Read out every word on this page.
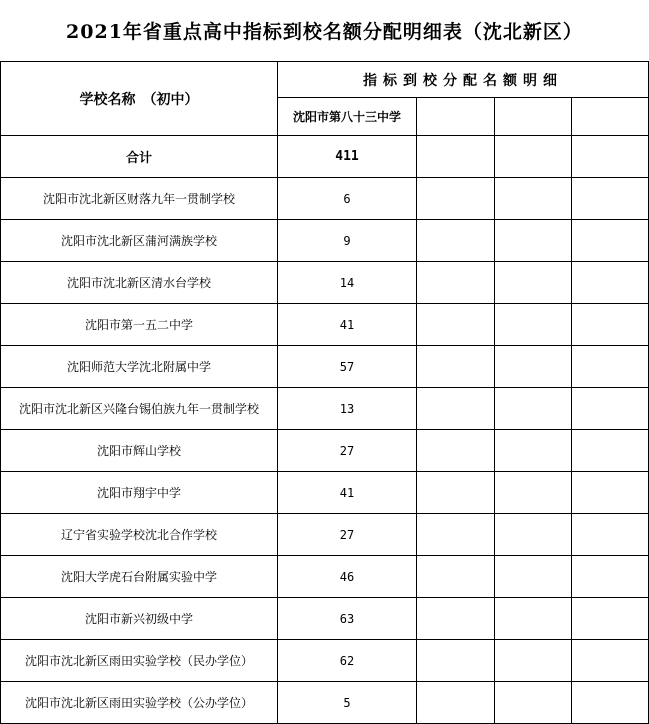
2021年省重点高中指标到校名额分配明细表（沈北新区）
学校名称　（初中）	指标到校分配名额明细			
	沈阳市第八十三中学			
合计	411			
沈阳市沈北新区财落九年一贯制学校	6			
沈阳市沈北新区蒲河满族学校	9			
沈阳市沈北新区清水台学校	14			
沈阳市第一五二中学	41			
沈阳师范大学沈北附属中学	57			
沈阳市沈北新区兴隆台锡伯族九年一贯制学校	13			
沈阳市辉山学校	27			
沈阳市翔宇中学	41			
辽宁省实验学校沈北合作学校	27			
沈阳大学虎石台附属实验中学	46			
沈阳市新兴初级中学	63			
沈阳市沈北新区雨田实验学校（民办学位）	62			
沈阳市沈北新区雨田实验学校（公办学位）	5			
